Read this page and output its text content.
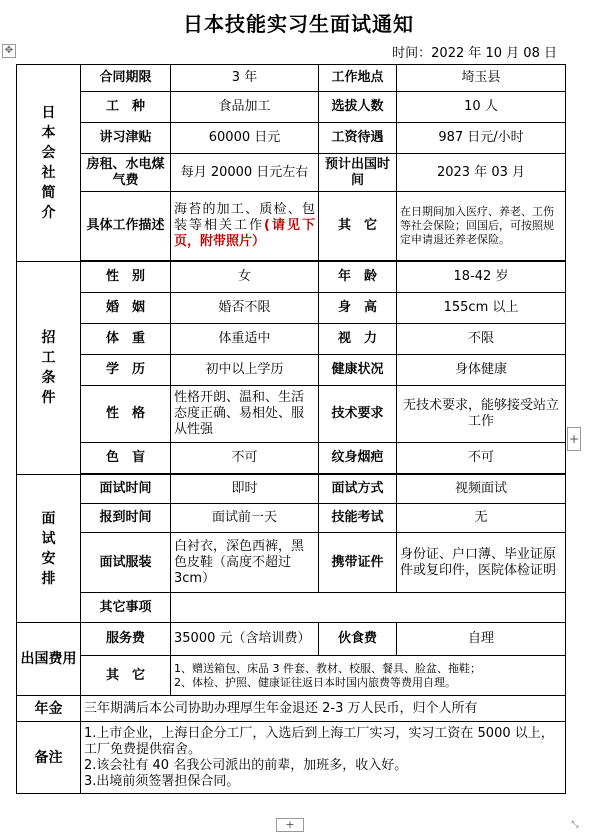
日本技能实习生面试通知
时间：2022 年 10 月 08 日
✥
日本会社简介	合同期限	3 年	工作地点	埼玉县
	工　种	食品加工	选拔人数	10 人
	讲习津贴	60000 日元	工资待遇	987 日元/小时
	房租、水电煤气费	每月 20000 日元左右	预计出国时间	2023 年 03 月
	具体工作描述	海苔的加工、质检、包装等相关工作(请见下页，附带照片）	其　它	在日期间加入医疗、养老、工伤等社会保险；回国后，可按照规定申请退还养老保险。

招工条件	性　别	女	年　龄	18-42 岁
	婚　姻	婚否不限	身　高	155cm 以上
	体　重	体重适中	视　力	不限
	学　历	初中以上学历	健康状况	身体健康
	性　格	性格开朗、温和、生活态度正确、易相处、服从性强	技术要求	无技术要求，能够接受站立工作
	色　盲	不可	纹身烟疤	不可

面试安排	面试时间	即时	面试方式	视频面试
	报到时间	面试前一天	技能考试	无
	面试服装	白衬衣，深色西裤，黑色皮鞋（高度不超过 3cm）	携带证件	身份证、户口薄、毕业证原件或复印件，医院体检证明
	其它事项			
出国费用	服务费	35000 元（含培训费）	伙食费	自理
	其　它	1、赠送箱包、床品 3 件套、教材、校服、餐具、脸盆、拖鞋；
2、体检、护照、健康证往返日本时国内旅费等费用自理。		

年金	三年期满后本公司协助办理厚生年金退还 2-3 万人民币，归个人所有			
备注	1.上市企业，上海日企分工厂，入选后到上海工厂实习，实习工资在 5000 以上，工厂免费提供宿舍。
2.该会社有 40 名我公司派出的前辈，加班多，收入好。
3.出境前须签署担保合同。			
+
+	⤡
